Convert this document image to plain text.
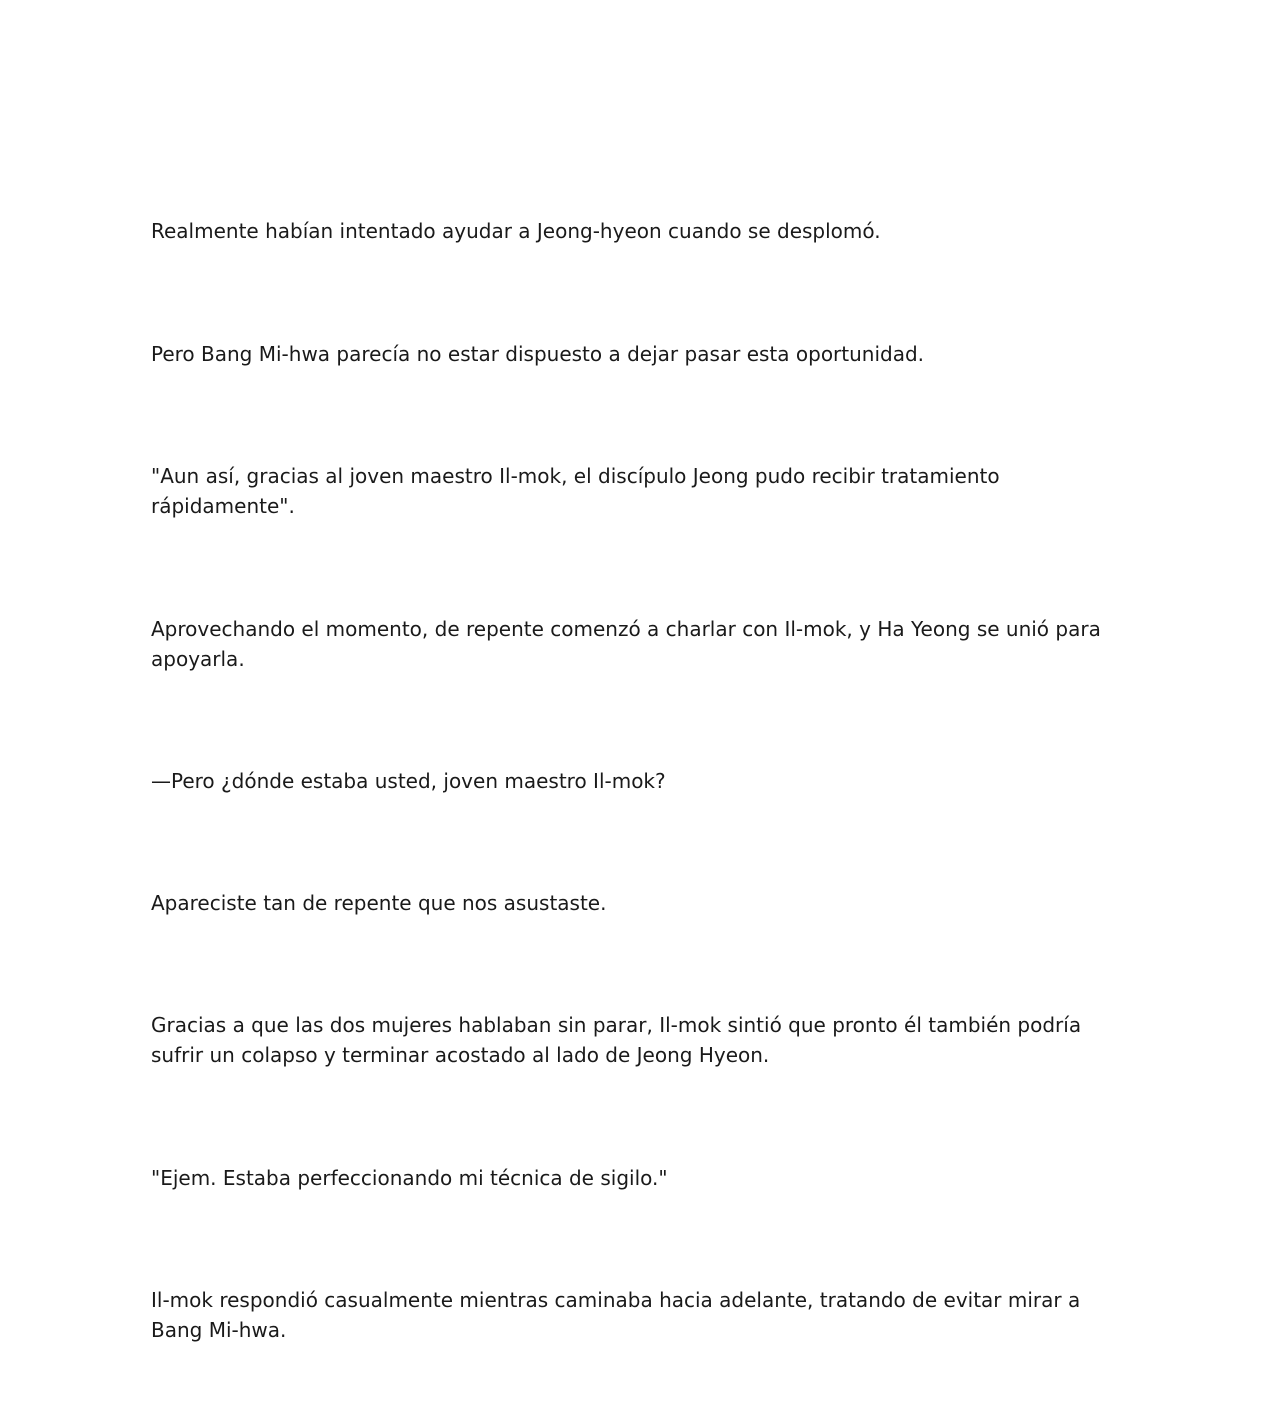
Realmente habían intentado ayudar a Jeong-hyeon cuando se desplomó.

Pero Bang Mi-hwa parecía no estar dispuesto a dejar pasar esta oportunidad.

"Aun así, gracias al joven maestro Il-mok, el discípulo Jeong pudo recibir tratamiento rápidamente".

Aprovechando el momento, de repente comenzó a charlar con Il-mok, y Ha Yeong se unió para apoyarla.

—Pero ¿dónde estaba usted, joven maestro Il-mok?

Apareciste tan de repente que nos asustaste.

Gracias a que las dos mujeres hablaban sin parar, Il-mok sintió que pronto él también podría sufrir un colapso y terminar acostado al lado de Jeong Hyeon.

"Ejem. Estaba perfeccionando mi técnica de sigilo."

Il-mok respondió casualmente mientras caminaba hacia adelante, tratando de evitar mirar a Bang Mi-hwa.
